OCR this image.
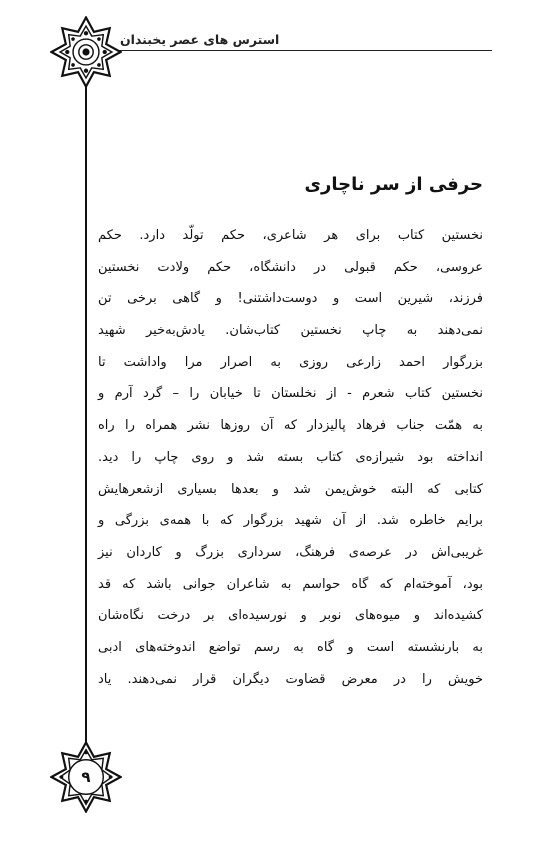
استرس های عصر یخبندان
۹
حرفی از سر ناچاری
نخستین کتاب برای هر شاعری، حکم تولّد دارد. حکم
عروسی، حکم قبولی در دانشگاه، حکم ولادت نخستین
فرزند، شیرین است و دوست‌داشتنی! و گاهی برخی تن
نمی‌دهند به چاپ نخستین کتاب‌شان. یادش‌به‌خیر شهید
بزرگوار احمد زارعی روزی به اصرار مرا واداشت تا
نخستین کتاب شعرم - از نخلستان تا خیابان را – گرد آرم و
به همّت جناب فرهاد پالیزدار که آن روزها نشر همراه را راه
انداخته بود شیرازه‌ی کتاب بسته شد و روی چاپ را دید.
کتابی که البته خوش‌یمن شد و بعدها بسیاری ازشعرهایش
برایم خاطره شد. از آن شهید بزرگوار که با همه‌ی بزرگی و
غریبی‌اش در عرصه‌ی فرهنگ، سرداری بزرگ و کاردان نیز
بود، آموخته‌ام که گاه حواسم به شاعران جوانی باشد که قد
کشیده‌اند و میوه‌های نوبر و نورسیده‌ای بر درخت نگاه‌شان
به بارنشسته است و گاه به رسم تواضع اندوخته‌های ادبی
خویش را در معرض قضاوت دیگران قرار نمی‌دهند. یاد
